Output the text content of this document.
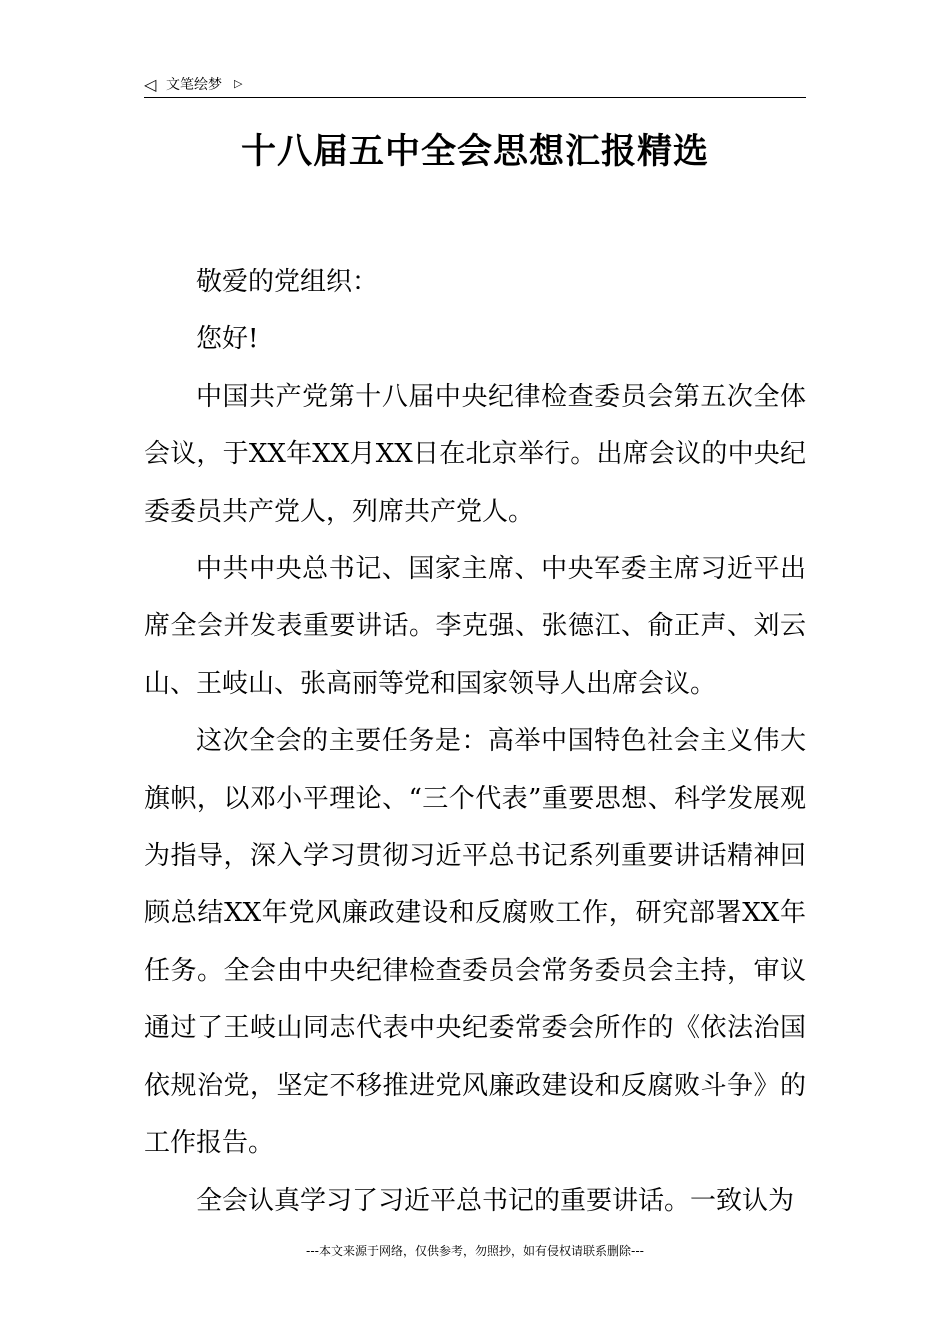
◁ 文笔绘梦 ▷
十八届五中全会思想汇报精选

敬爱的党组织：

您好!

中国共产党第十八届中央纪律检查委员会第五次全体会议，于XX年XX月XX日在北京举行。出席会议的中央纪委委员共产党人，列席共产党人。

中共中央总书记、国家主席、中央军委主席习近平出席全会并发表重要讲话。李克强、张德江、俞正声、刘云山、王岐山、张高丽等党和国家领导人出席会议。

这次全会的主要任务是：高举中国特色社会主义伟大旗帜，以邓小平理论、“三个代表”重要思想、科学发展观为指导，深入学习贯彻习近平总书记系列重要讲话精神回顾总结XX年党风廉政建设和反腐败工作，研究部署XX年任务。全会由中央纪律检查委员会常务委员会主持，审议通过了王岐山同志代表中央纪委常委会所作的《依法治国依规治党，坚定不移推进党风廉政建设和反腐败斗争》的工作报告。

全会认真学习了习近平总书记的重要讲话。一致认为

---本文来源于网络，仅供参考，勿照抄，如有侵权请联系删除---
